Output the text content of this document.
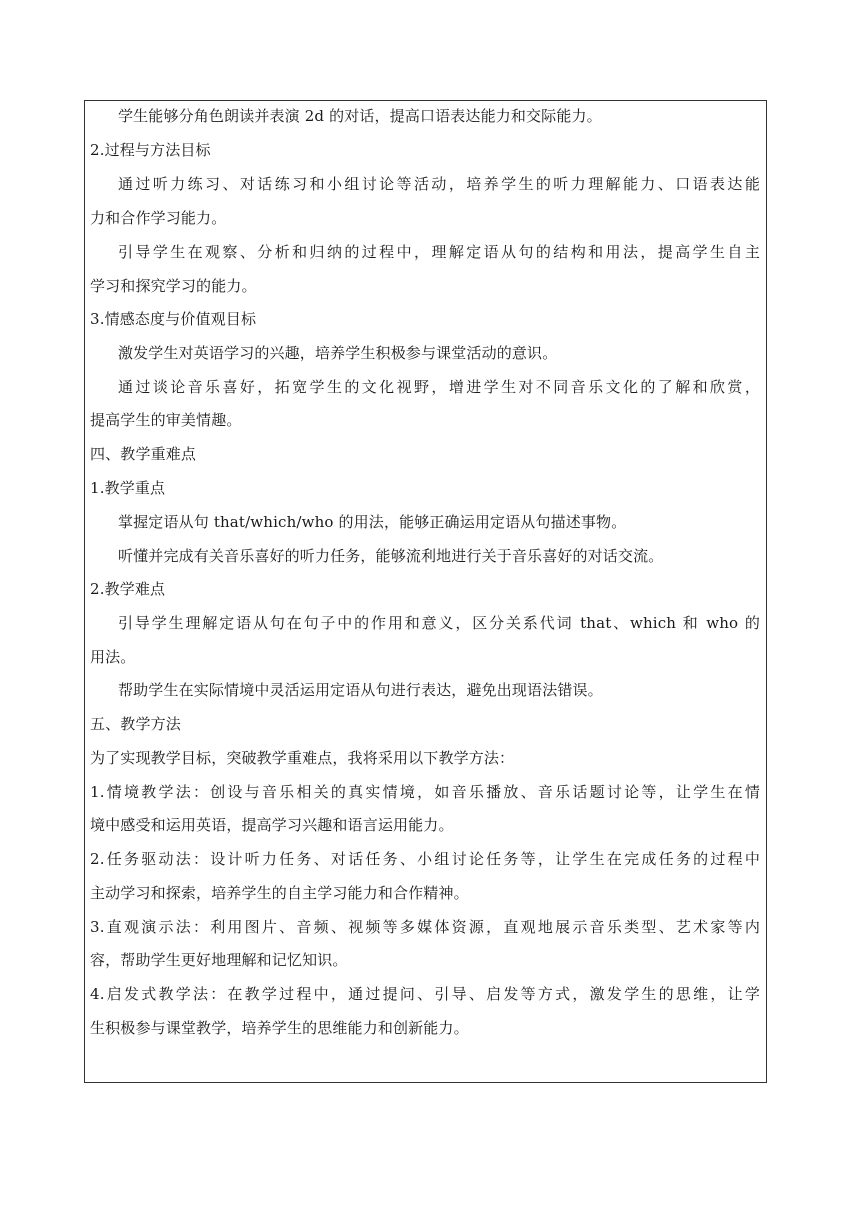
学生能够分角色朗读并表演 2d 的对话，提高口语表达能力和交际能力。
2.过程与方法目标
通过听力练习、对话练习和小组讨论等活动，培养学生的听力理解能力、口语表达能
力和合作学习能力。
引导学生在观察、分析和归纳的过程中，理解定语从句的结构和用法，提高学生自主
学习和探究学习的能力。
3.情感态度与价值观目标
激发学生对英语学习的兴趣，培养学生积极参与课堂活动的意识。
通过谈论音乐喜好，拓宽学生的文化视野，增进学生对不同音乐文化的了解和欣赏，
提高学生的审美情趣。
四、教学重难点
1.教学重点
掌握定语从句 that/which/who 的用法，能够正确运用定语从句描述事物。
听懂并完成有关音乐喜好的听力任务，能够流利地进行关于音乐喜好的对话交流。
2.教学难点
引导学生理解定语从句在句子中的作用和意义，区分关系代词 that、which 和 who 的
用法。
帮助学生在实际情境中灵活运用定语从句进行表达，避免出现语法错误。
五、教学方法
为了实现教学目标，突破教学重难点，我将采用以下教学方法：
1.情境教学法：创设与音乐相关的真实情境，如音乐播放、音乐话题讨论等，让学生在情
境中感受和运用英语，提高学习兴趣和语言运用能力。
2.任务驱动法：设计听力任务、对话任务、小组讨论任务等，让学生在完成任务的过程中
主动学习和探索，培养学生的自主学习能力和合作精神。
3.直观演示法：利用图片、音频、视频等多媒体资源，直观地展示音乐类型、艺术家等内
容，帮助学生更好地理解和记忆知识。
4.启发式教学法：在教学过程中，通过提问、引导、启发等方式，激发学生的思维，让学
生积极参与课堂教学，培养学生的思维能力和创新能力。
